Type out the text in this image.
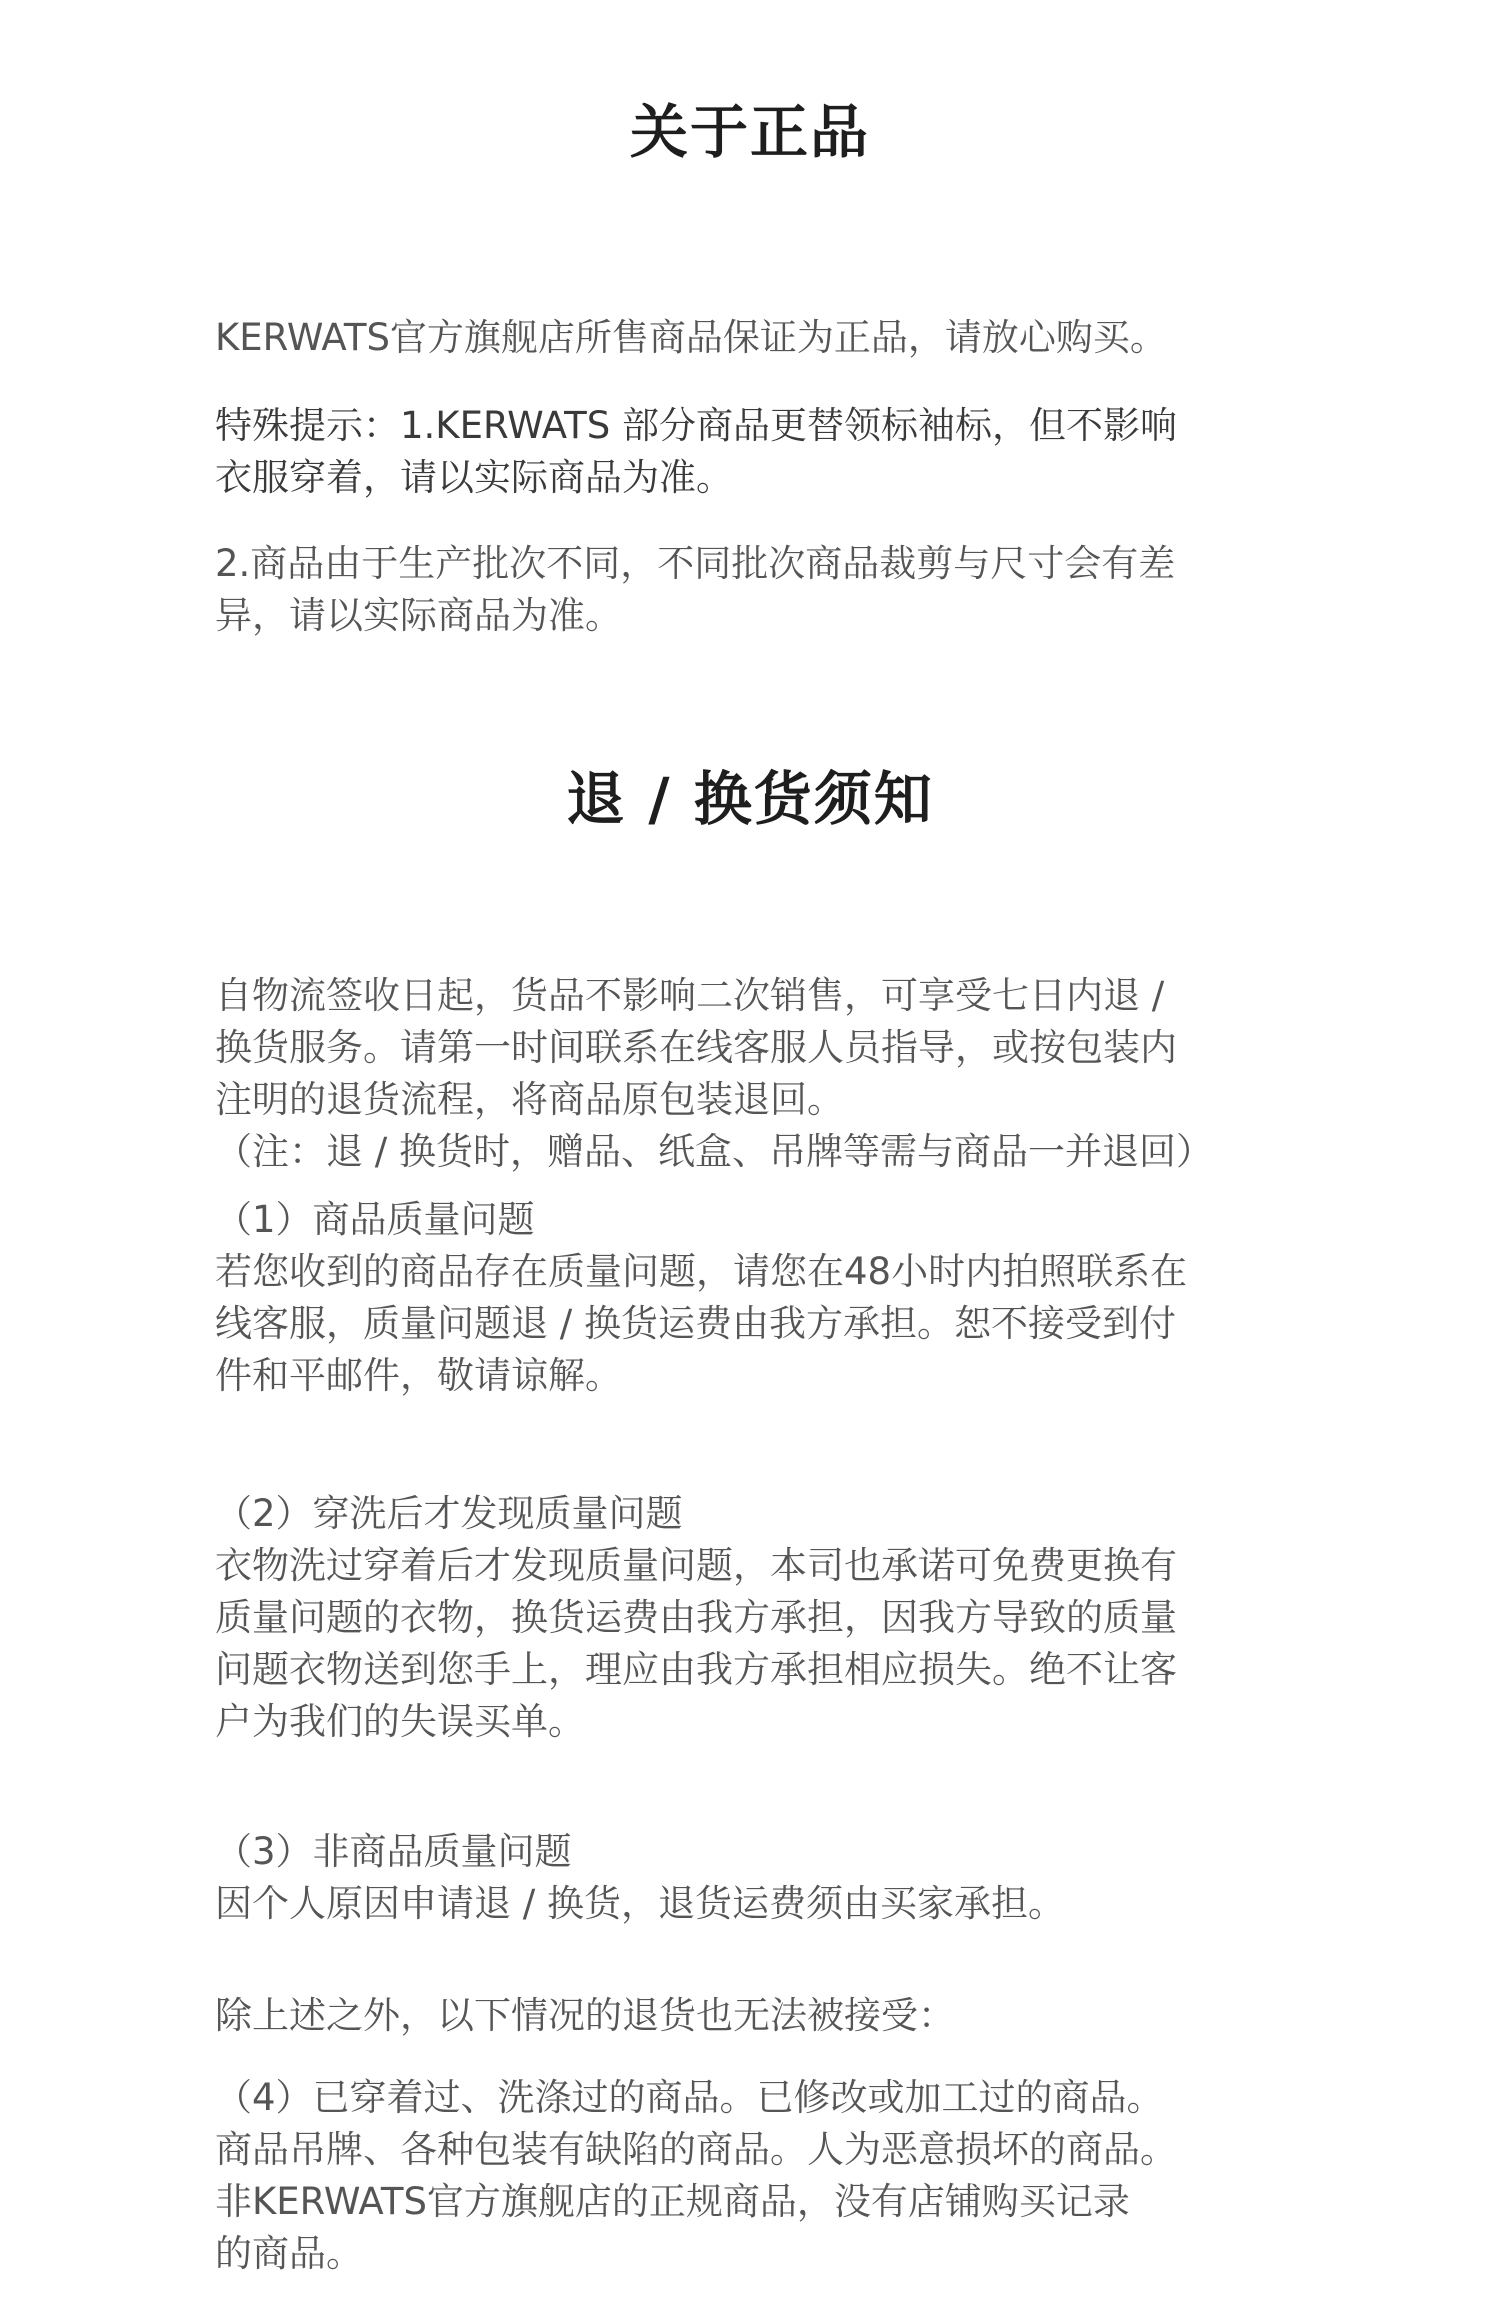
关于正品

KERWATS官方旗舰店所售商品保证为正品，请放心购买。

特殊提示：1.KERWATS 部分商品更替领标袖标，但不影响
衣服穿着，请以实际商品为准。

2.商品由于生产批次不同，不同批次商品裁剪与尺寸会有差
异，请以实际商品为准。

退 / 换货须知

自物流签收日起，货品不影响二次销售，可享受七日内退 /
换货服务。请第一时间联系在线客服人员指导，或按包装内
注明的退货流程，将商品原包装退回。
（注：退 / 换货时，赠品、纸盒、吊牌等需与商品一并退回）

（1）商品质量问题
若您收到的商品存在质量问题，请您在48小时内拍照联系在
线客服，质量问题退 / 换货运费由我方承担。恕不接受到付
件和平邮件，敬请谅解。

（2）穿洗后才发现质量问题
衣物洗过穿着后才发现质量问题，本司也承诺可免费更换有
质量问题的衣物，换货运费由我方承担，因我方导致的质量
问题衣物送到您手上，理应由我方承担相应损失。绝不让客
户为我们的失误买单。

（3）非商品质量问题
因个人原因申请退 / 换货，退货运费须由买家承担。

除上述之外，以下情况的退货也无法被接受：

（4）已穿着过、洗涤过的商品。已修改或加工过的商品。
商品吊牌、各种包装有缺陷的商品。人为恶意损坏的商品。
非KERWATS官方旗舰店的正规商品，没有店铺购买记录
的商品。
